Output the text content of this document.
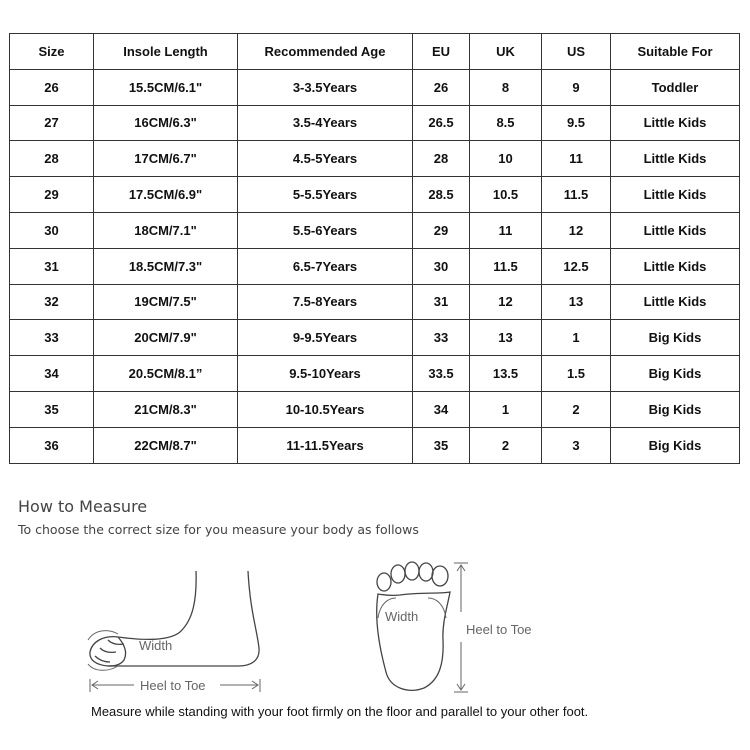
Size	Insole Length	Recommended Age	EU	UK	US	Suitable For
26	15.5CM/6.1"	3-3.5Years	26	8	9	Toddler
27	16CM/6.3"	3.5-4Years	26.5	8.5	9.5	Little Kids
28	17CM/6.7"	4.5-5Years	28	10	11	Little Kids
29	17.5CM/6.9"	5-5.5Years	28.5	10.5	11.5	Little Kids
30	18CM/7.1"	5.5-6Years	29	11	12	Little Kids
31	18.5CM/7.3"	6.5-7Years	30	11.5	12.5	Little Kids
32	19CM/7.5"	7.5-8Years	31	12	13	Little Kids
33	20CM/7.9"	9-9.5Years	33	13	1	Big Kids
34	20.5CM/8.1”	9.5-10Years	33.5	13.5	1.5	Big Kids
35	21CM/8.3"	10-10.5Years	34	1	2	Big Kids
36	22CM/8.7"	11-11.5Years	35	2	3	Big Kids
How to Measure
To choose the correct size for you measure your body as follows
Width
Heel to Toe
Width
Heel to Toe
Measure while standing with your foot firmly on the floor and parallel to your other foot.
